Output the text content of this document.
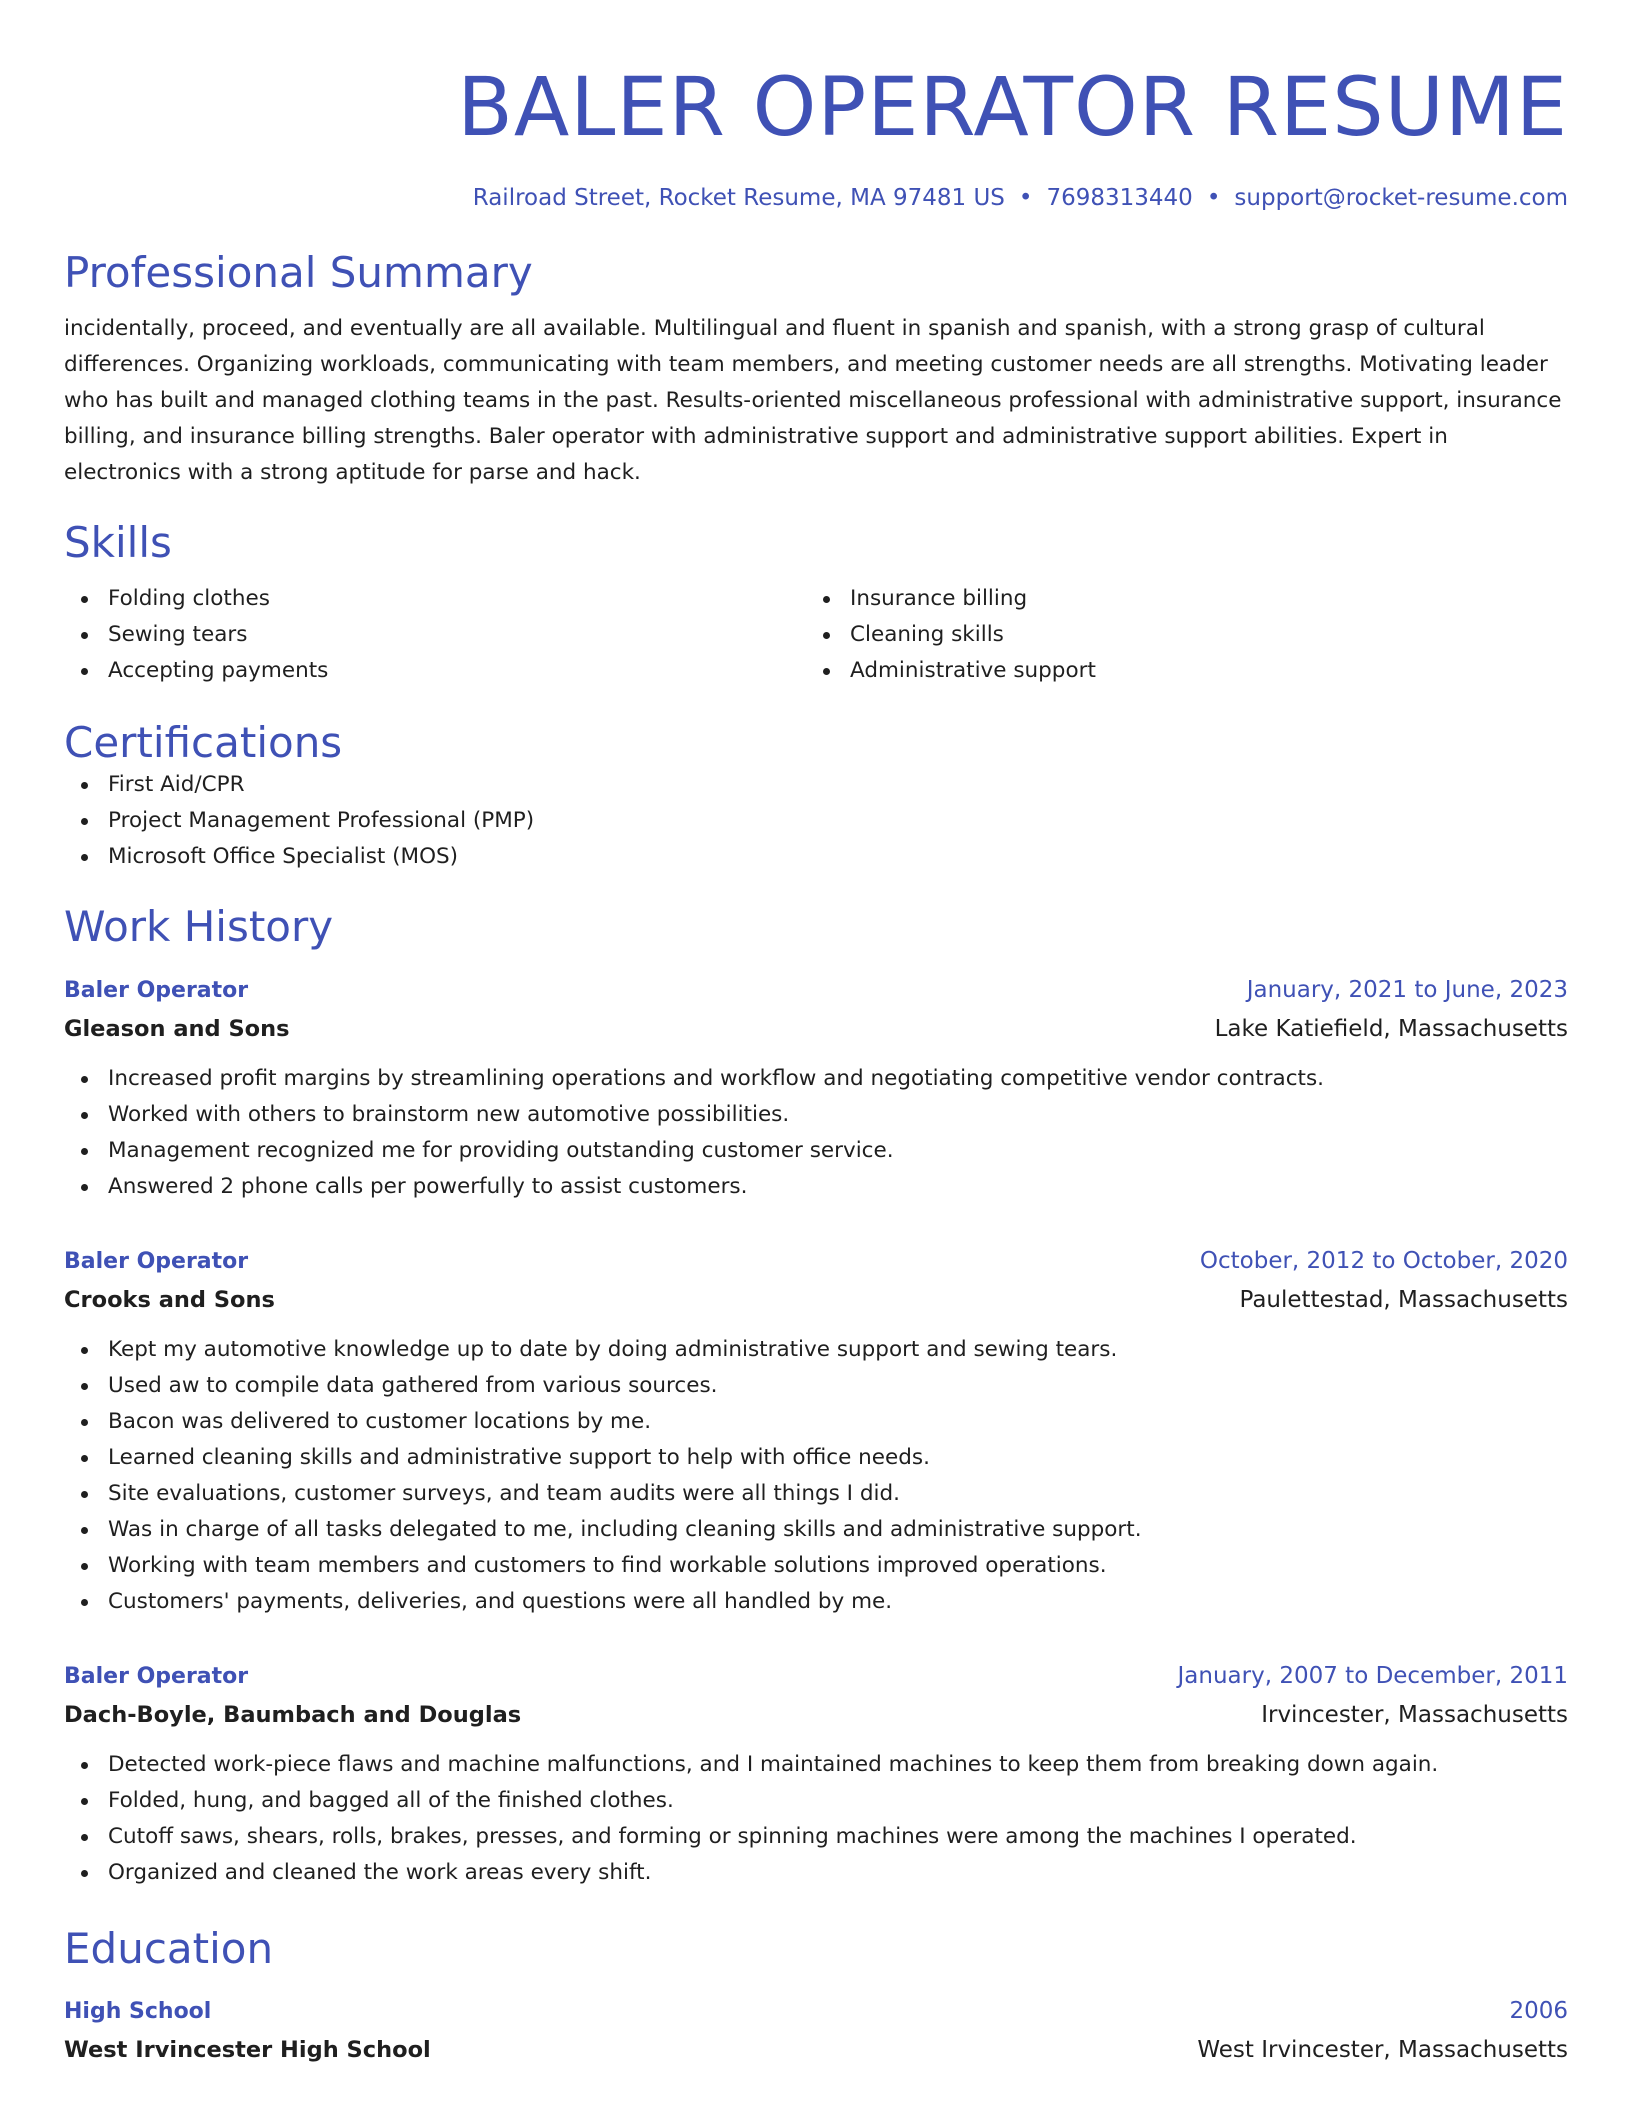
BALER OPERATOR RESUME
Railroad Street, Rocket Resume, MA 97481 US • 7698313440 • support@rocket-resume.com
Professional Summary

incidentally, proceed, and eventually are all available. Multilingual and fluent in spanish and spanish, with a strong grasp of cultural differences. Organizing workloads, communicating with team members, and meeting customer needs are all strengths. Motivating leader who has built and managed clothing teams in the past. Results-oriented miscellaneous professional with administrative support, insurance billing, and insurance billing strengths. Baler operator with administrative support and administrative support abilities. Expert in electronics with a strong aptitude for parse and hack.

Skills
Folding clothes
Sewing tears
Accepting payments
Insurance billing
Cleaning skills
Administrative support
Certifications
First Aid/CPR
Project Management Professional (PMP)
Microsoft Office Specialist (MOS)
Work History
Baler Operator	January, 2021 to June, 2023
Gleason and Sons	Lake Katiefield, Massachusetts
Increased profit margins by streamlining operations and workflow and negotiating competitive vendor contracts.
Worked with others to brainstorm new automotive possibilities.
Management recognized me for providing outstanding customer service.
Answered 2 phone calls per powerfully to assist customers.
Baler Operator	October, 2012 to October, 2020
Crooks and Sons	Paulettestad, Massachusetts
Kept my automotive knowledge up to date by doing administrative support and sewing tears.
Used aw to compile data gathered from various sources.
Bacon was delivered to customer locations by me.
Learned cleaning skills and administrative support to help with office needs.
Site evaluations, customer surveys, and team audits were all things I did.
Was in charge of all tasks delegated to me, including cleaning skills and administrative support.
Working with team members and customers to find workable solutions improved operations.
Customers' payments, deliveries, and questions were all handled by me.
Baler Operator	January, 2007 to December, 2011
Dach-Boyle, Baumbach and Douglas	Irvincester, Massachusetts
Detected work-piece flaws and machine malfunctions, and I maintained machines to keep them from breaking down again.
Folded, hung, and bagged all of the finished clothes.
Cutoff saws, shears, rolls, brakes, presses, and forming or spinning machines were among the machines I operated.
Organized and cleaned the work areas every shift.
Education
High School	2006
West Irvincester High School	West Irvincester, Massachusetts
